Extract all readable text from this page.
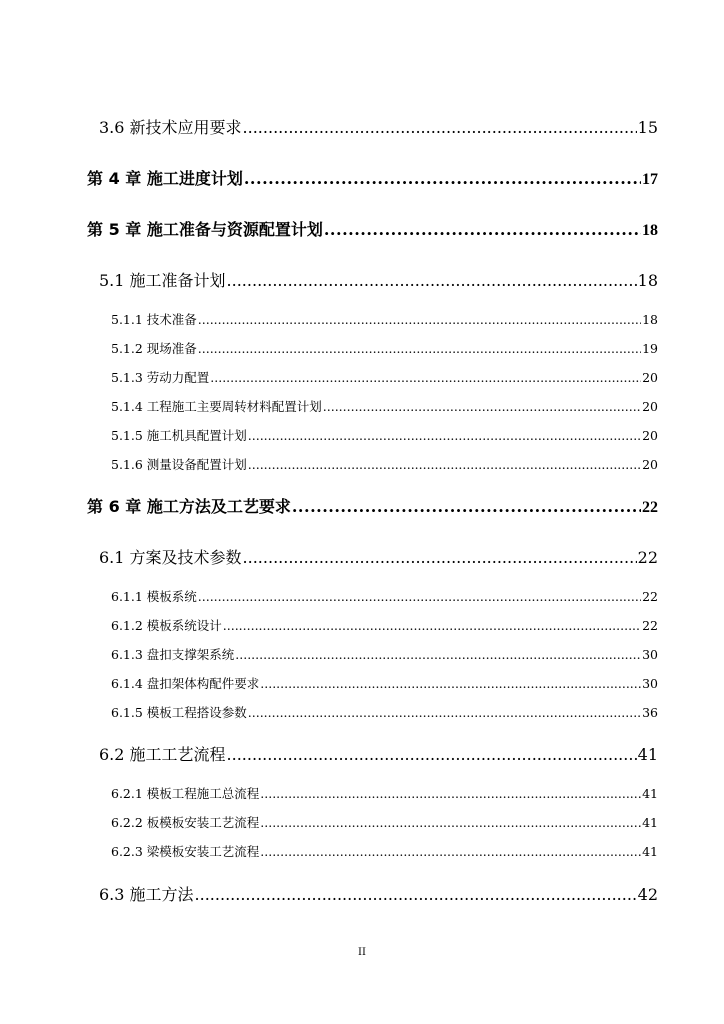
3.6 新技术应用要求 .....	15
第 4 章 施工进度计划 .....	17
第 5 章 施工准备与资源配置计划 .....	18
5.1 施工准备计划 .....	18
5.1.1 技术准备 .....	18
5.1.2 现场准备 .....	19
5.1.3 劳动力配置 .....	20
5.1.4 工程施工主要周转材料配置计划 .....	20
5.1.5 施工机具配置计划 .....	20
5.1.6 测量设备配置计划 .....	20
第 6 章 施工方法及工艺要求 .....	22
6.1 方案及技术参数 .....	22
6.1.1 模板系统 .....	22
6.1.2 模板系统设计 .....	22
6.1.3 盘扣支撑架系统 .....	30
6.1.4 盘扣架体构配件要求 .....	30
6.1.5 模板工程搭设参数 .....	36
6.2 施工工艺流程 .....	41
6.2.1 模板工程施工总流程 .....	41
6.2.2 板模板安装工艺流程 .....	41
6.2.3 梁模板安装工艺流程 .....	41
6.3 施工方法 .....	42
II
